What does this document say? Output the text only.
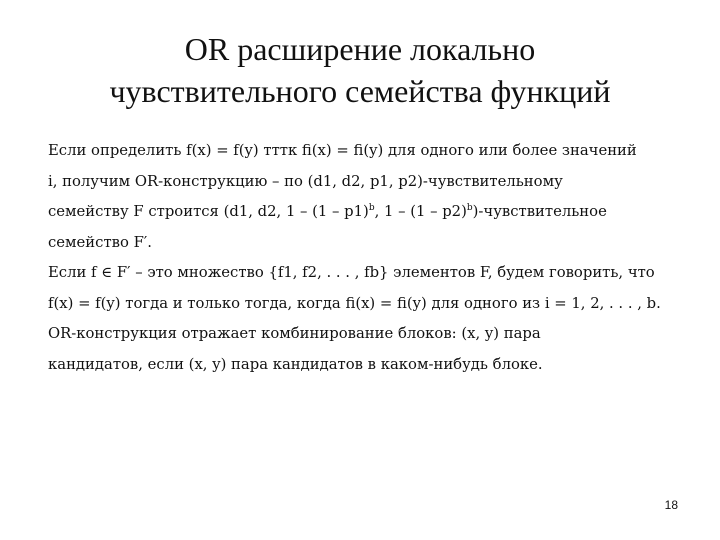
OR расширение локально
чувствительного семейства функций
Если определить f(x) = f(y) тттк fi(x) = fi(y) для одного или более значений
i, получим OR-конструкцию – по (d1, d2, p1, p2)-чувствительному
семейству F строится (d1, d2, 1 – (1 – p1)$^b$, 1 – (1 – p2)$^b$)-чувствительное
семейство F′.
Если f ∈ F′ – это множество {f1, f2, . . . , fb} элементов F, будем говорить, что
f(x) = f(y) тогда и только тогда, когда fi(x) = fi(y) для одного из i = 1, 2, . . . , b.
OR-конструкция отражает комбинирование блоков: (x, y) пара
кандидатов, если (x, y) пара кандидатов в каком-нибудь блоке.
18
